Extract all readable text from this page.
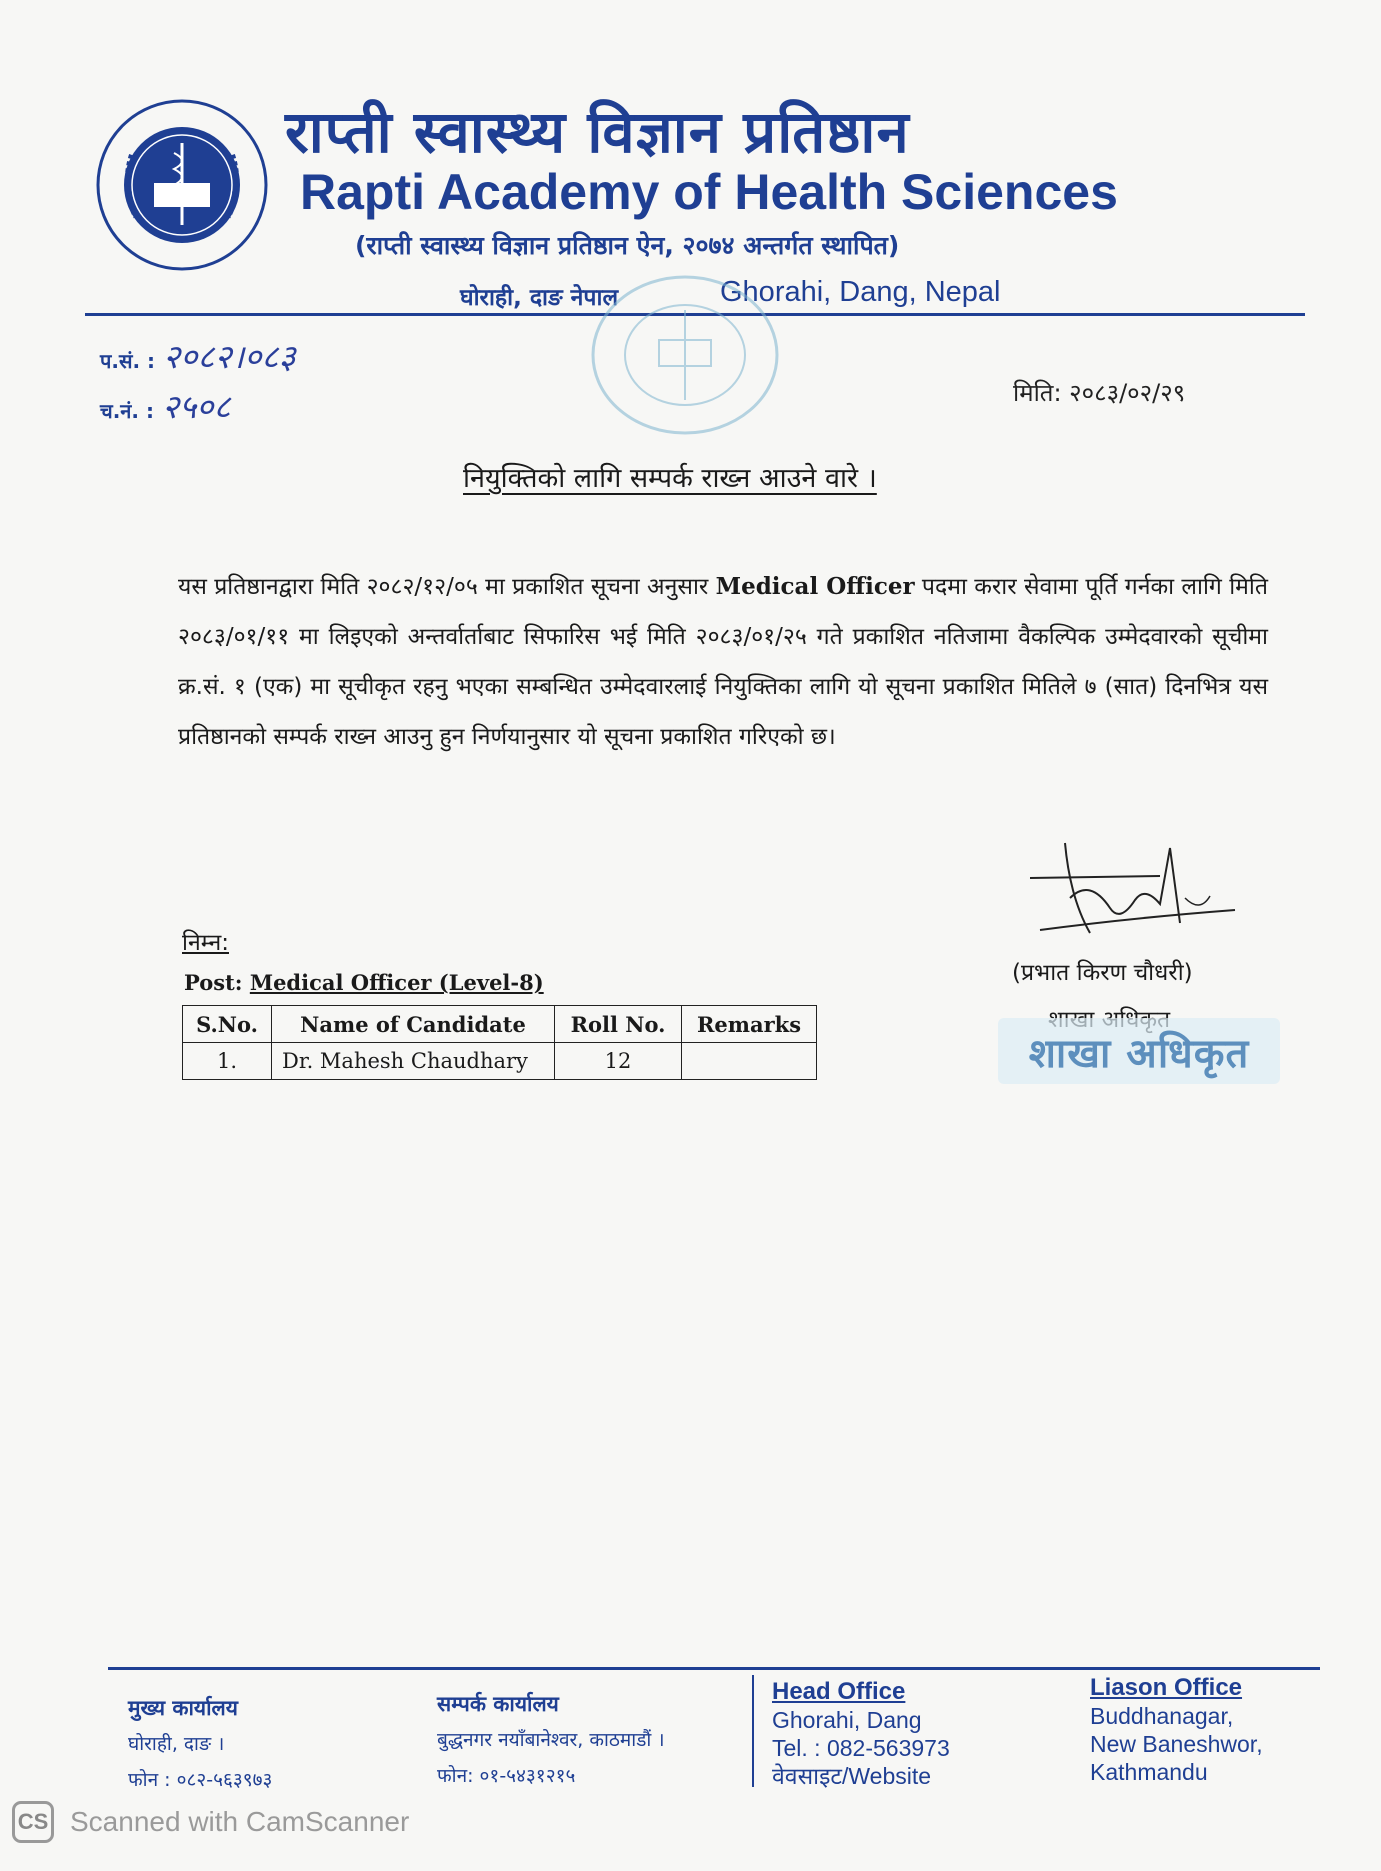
राप्ती स्वास्थ्य विज्ञान प्रतिष्ठान
Rapti Academy of Health Sciences
(राप्ती स्वास्थ्य विज्ञान प्रतिष्ठान ऐन, २०७४ अन्तर्गत स्थापित)
घोराही, दाङ नेपाल	Ghorahi, Dang, Nepal
प.सं. : २०८२।०८३
च.नं. : २५०८	मिति: २०८३/०२/२९
नियुक्तिको लागि सम्पर्क राख्न आउने वारे ।
यस प्रतिष्ठानद्वारा मिति २०८२/१२/०५ मा प्रकाशित सूचना अनुसार Medical Officer पदमा करार सेवामा पूर्ति गर्नका लागि मिति २०८३/०१/११ मा लिइएको अन्तर्वार्ताबाट सिफारिस भई मिति २०८३/०१/२५ गते प्रकाशित नतिजामा वैकल्पिक उम्मेदवारको सूचीमा क्र.सं. १ (एक) मा सूचीकृत रहनु भएका सम्बन्धित उम्मेदवारलाई नियुक्तिका लागि यो सूचना प्रकाशित मितिले ७ (सात) दिनभित्र यस प्रतिष्ठानको सम्पर्क राख्न आउनु हुन निर्णयानुसार यो सूचना प्रकाशित गरिएको छ।
निम्न:
Post: Medical Officer (Level-8)
S.No.	Name of Candidate	Roll No.	Remarks
1.	Dr. Mahesh Chaudhary	12	
(प्रभात किरण चौधरी)
शाखा अधिकृत
मुख्य कार्यालय
घोराही, दाङ ।
फोन : ०८२-५६३९७३
सम्पर्क कार्यालय
बुद्धनगर नयाँबानेश्वर, काठमाडौं ।
फोन: ०१-५४३१२१५
Head Office
Ghorahi, Dang
Tel. : 082-563973
वेवसाइट/Website
Liason Office
Buddhanagar,
New Baneshwor,
Kathmandu
CS Scanned with CamScanner
